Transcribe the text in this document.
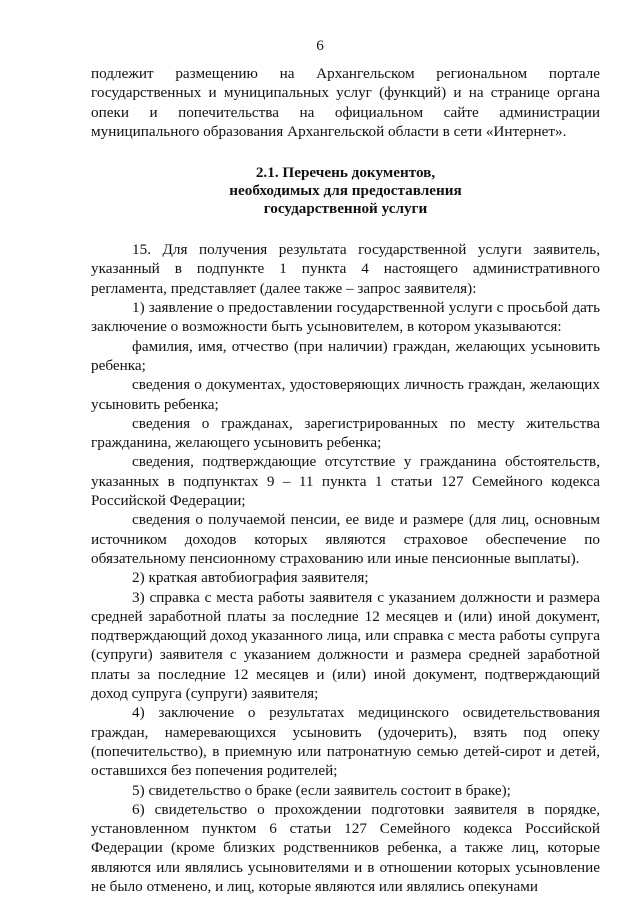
6

подлежит размещению на Архангельском региональном портале государственных и муниципальных услуг (функций) и на странице органа опеки и попечительства на официальном сайте администрации муниципального образования Архангельской области в сети «Интернет».

2.1. Перечень документов,
необходимых для предоставления
государственной услуги

15. Для получения результата государственной услуги заявитель, указанный в подпункте 1 пункта 4 настоящего административного регламента, представляет (далее также – запрос заявителя):

1) заявление о предоставлении государственной услуги с просьбой дать заключение о возможности быть усыновителем, в котором указываются:

фамилия, имя, отчество (при наличии) граждан, желающих усыновить ребенка;

сведения о документах, удостоверяющих личность граждан, желающих усыновить ребенка;

сведения о гражданах, зарегистрированных по месту жительства гражданина, желающего усыновить ребенка;

сведения, подтверждающие отсутствие у гражданина обстоятельств, указанных в подпунктах 9 – 11 пункта 1 статьи 127 Семейного кодекса Российской Федерации;

сведения о получаемой пенсии, ее виде и размере (для лиц, основным источником доходов которых являются страховое обеспечение по обязательному пенсионному страхованию или иные пенсионные выплаты).

2) краткая автобиография заявителя;

3) справка с места работы заявителя с указанием должности и размера средней заработной платы за последние 12 месяцев и (или) иной документ, подтверждающий доход указанного лица, или справка с места работы супруга (супруги) заявителя с указанием должности и размера средней заработной платы за последние 12 месяцев и (или) иной документ, подтверждающий доход супруга (супруги) заявителя;

4) заключение о результатах медицинского освидетельствования граждан, намеревающихся усыновить (удочерить), взять под опеку (попечительство), в приемную или патронатную семью детей-сирот и детей, оставшихся без попечения родителей;

5) свидетельство о браке (если заявитель состоит в браке);

6) свидетельство о прохождении подготовки заявителя в порядке, установленном пунктом 6 статьи 127 Семейного кодекса Российской Федерации (кроме близких родственников ребенка, а также лиц, которые являются или являлись усыновителями и в отношении которых усыновление не было отменено, и лиц, которые являются или являлись опекунами
